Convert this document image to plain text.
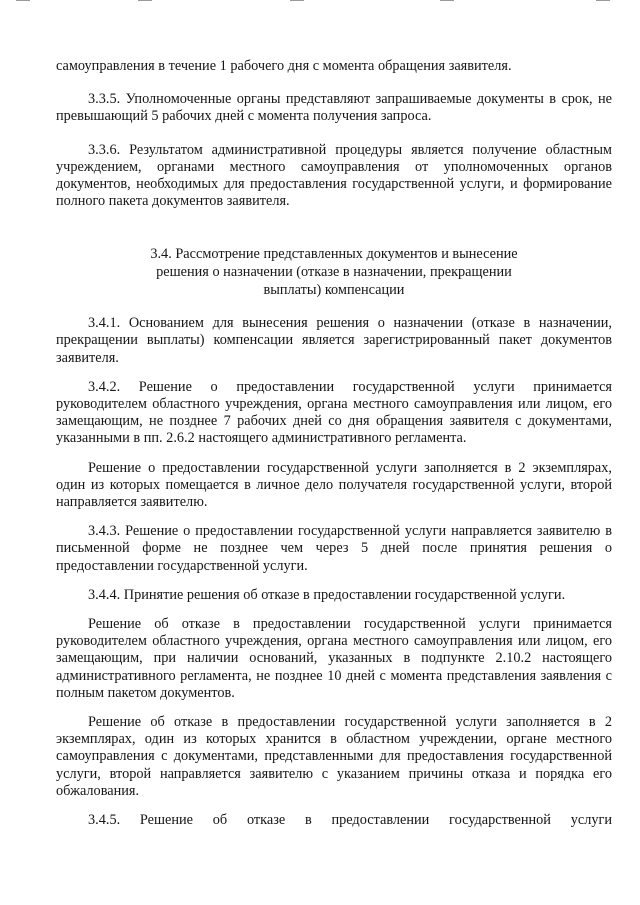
самоуправления в течение 1 рабочего дня с момента обращения заявителя.

3.3.5. Уполномоченные органы представляют запрашиваемые документы в срок, не превышающий 5 рабочих дней с момента получения запроса.

3.3.6. Результатом административной процедуры является получение областным учреждением, органами местного самоуправления от уполномоченных органов документов, необходимых для предоставления государственной услуги, и формирование полного пакета документов заявителя.

3.4. Рассмотрение представленных документов и вынесение
решения о назначении (отказе в назначении, прекращении
выплаты) компенсации

3.4.1. Основанием для вынесения решения о назначении (отказе в назначении, прекращении выплаты) компенсации является зарегистрированный пакет документов заявителя.

3.4.2. Решение о предоставлении государственной услуги принимается руководителем областного учреждения, органа местного самоуправления или лицом, его замещающим, не позднее 7 рабочих дней со дня обращения заявителя с документами, указанными в пп. 2.6.2 настоящего административного регламента.

Решение о предоставлении государственной услуги заполняется в 2 экземплярах, один из которых помещается в личное дело получателя государственной услуги, второй направляется заявителю.

3.4.3. Решение о предоставлении государственной услуги направляется заявителю в письменной форме не позднее чем через 5 дней после принятия решения о предоставлении государственной услуги.

3.4.4. Принятие решения об отказе в предоставлении государственной услуги.

Решение об отказе в предоставлении государственной услуги принимается руководителем областного учреждения, органа местного самоуправления или лицом, его замещающим, при наличии оснований, указанных в подпункте 2.10.2 настоящего административного регламента, не позднее 10 дней с момента представления заявления с полным пакетом документов.

Решение об отказе в предоставлении государственной услуги заполняется в 2 экземплярах, один из которых хранится в областном учреждении, органе местного самоуправления с документами, представленными для предоставления государственной услуги, второй направляется заявителю с указанием причины отказа и порядка его обжалования.

3.4.5. Решение об отказе в предоставлении государственной услуги
